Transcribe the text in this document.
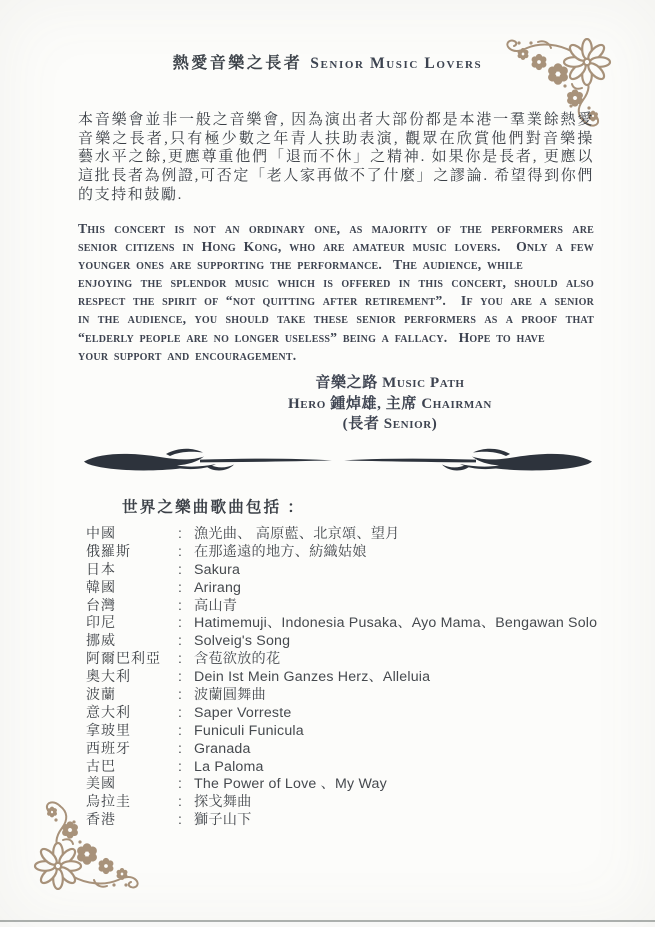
熱愛音樂之長者 Senior Music Lovers
本音樂會並非一般之音樂會, 因為演出者大部份都是本港一羣業餘熱愛
音樂之長者,只有極少數之年青人扶助表演, 觀眾在欣賞他們對音樂操
藝水平之餘,更應尊重他們「退而不休」之精神. 如果你是長者, 更應以
這批長者為例證,可否定「老人家再做不了什麼」之謬論. 希望得到你們
的支持和鼓勵.
This concert is not an ordinary one, as majority of the performers are
senior citizens in Hong Kong, who are amateur music lovers.  Only a few
younger ones are supporting the performance.  The audience, while
enjoying the splendor music which is offered in this concert, should also
respect the spirit of “not quitting after retirement”.  If you are a senior
in the audience, you should take these senior performers as a proof that
“elderly people are no longer useless” being a fallacy.  Hope to have
your support and encouragement.
音樂之路 Music Path
Hero 鍾焯雄, 主席 Chairman
(長者 Senior)
世界之樂曲歌曲包括 ：
中國	: 漁光曲、 高原藍、北京頌、望月
俄羅斯	: 在那遙遠的地方、紡織姑娘
日本	: Sakura
韓國	: Arirang
台灣	: 高山青
印尼	: Hatimemuji、Indonesia Pusaka、Ayo Mama、Bengawan Solo
挪威	: Solveig's Song
阿爾巴利亞	: 含苞欲放的花
奧大利	: Dein Ist Mein Ganzes Herz、Alleluia
波蘭	: 波蘭圓舞曲
意大利	: Saper Vorreste
拿玻里	: Funiculi Funicula
西班牙	: Granada
古巴	: La Paloma
美國	: The Power of Love 、My Way
烏拉圭	: 探戈舞曲
香港	: 獅子山下
